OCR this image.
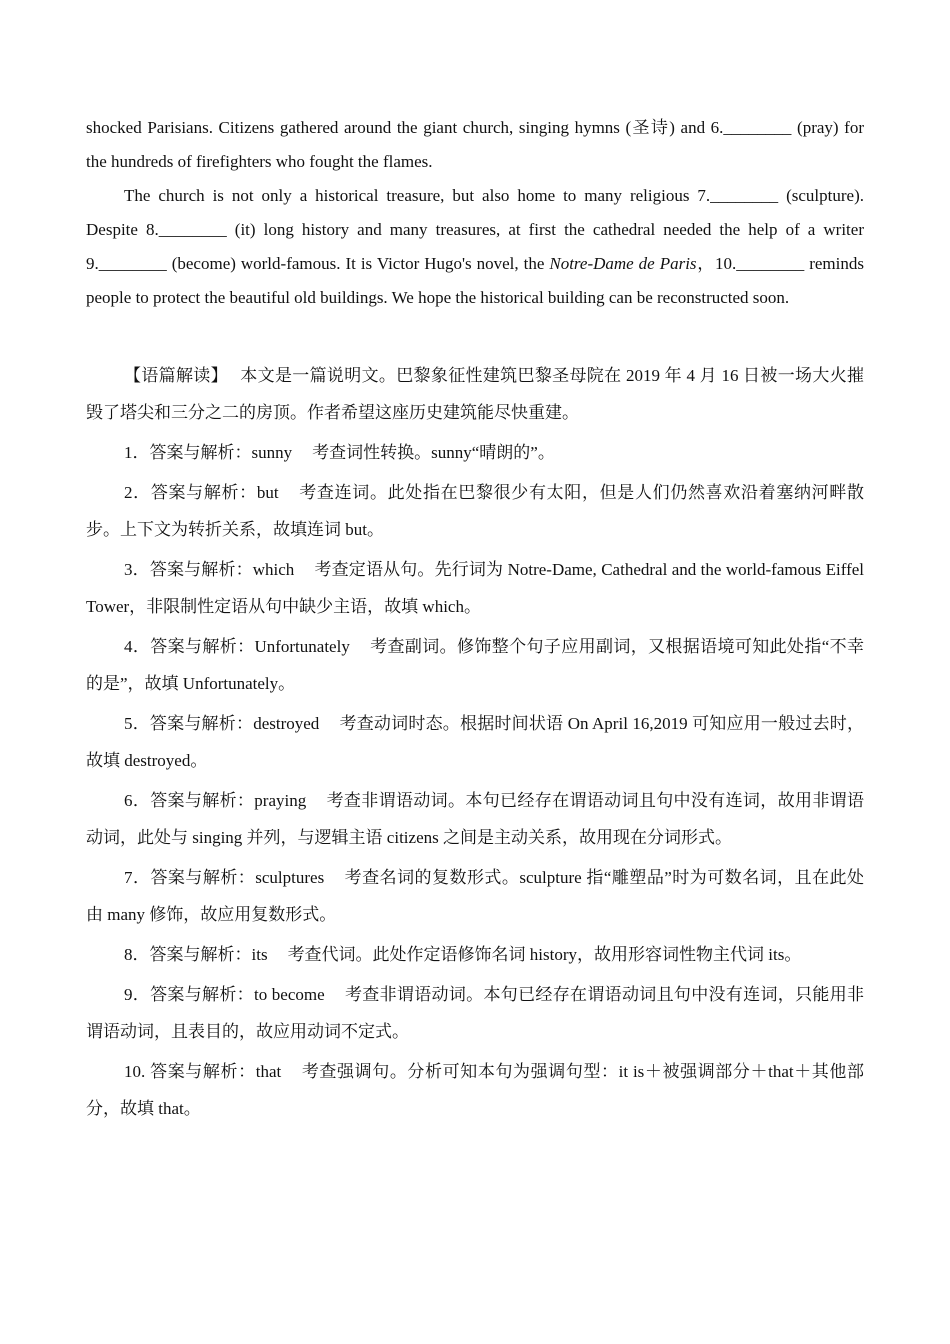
shocked Parisians. Citizens gathered around the giant church, singing hymns (圣诗) and 6.________ (pray) for the hundreds of firefighters who fought the flames.

The church is not only a historical treasure, but also home to many religious 7.________ (sculpture). Despite 8.________ (it) long history and many treasures, at first the cathedral needed the help of a writer 9.________ (become) world-famous. It is Victor Hugo's novel, the Notre-Dame de Paris，10.________ reminds people to protect the beautiful old buildings. We hope the historical building can be reconstructed soon.

【语篇解读】 本文是一篇说明文。巴黎象征性建筑巴黎圣母院在 2019 年 4 月 16 日被一场大火摧毁了塔尖和三分之二的房顶。作者希望这座历史建筑能尽快重建。

1．答案与解析：sunny 考查词性转换。sunny“晴朗的”。

2．答案与解析：but 考查连词。此处指在巴黎很少有太阳，但是人们仍然喜欢沿着塞纳河畔散步。上下文为转折关系，故填连词 but。

3．答案与解析：which 考查定语从句。先行词为 Notre-Dame, Cathedral and the world-famous Eiffel Tower，非限制性定语从句中缺少主语，故填 which。

4．答案与解析：Unfortunately 考查副词。修饰整个句子应用副词，又根据语境可知此处指“不幸的是”，故填 Unfortunately。

5．答案与解析：destroyed 考查动词时态。根据时间状语 On April 16,2019 可知应用一般过去时，故填 destroyed。

6．答案与解析：praying 考查非谓语动词。本句已经存在谓语动词且句中没有连词，故用非谓语动词，此处与 singing 并列，与逻辑主语 citizens 之间是主动关系，故用现在分词形式。

7．答案与解析：sculptures 考查名词的复数形式。sculpture 指“雕塑品”时为可数名词，且在此处由 many 修饰，故应用复数形式。

8．答案与解析：its 考查代词。此处作定语修饰名词 history，故用形容词性物主代词 its。

9．答案与解析：to become 考查非谓语动词。本句已经存在谓语动词且句中没有连词，只能用非谓语动词，且表目的，故应用动词不定式。

10. 答案与解析：that 考查强调句。分析可知本句为强调句型：it is＋被强调部分＋that＋其他部分，故填 that。
